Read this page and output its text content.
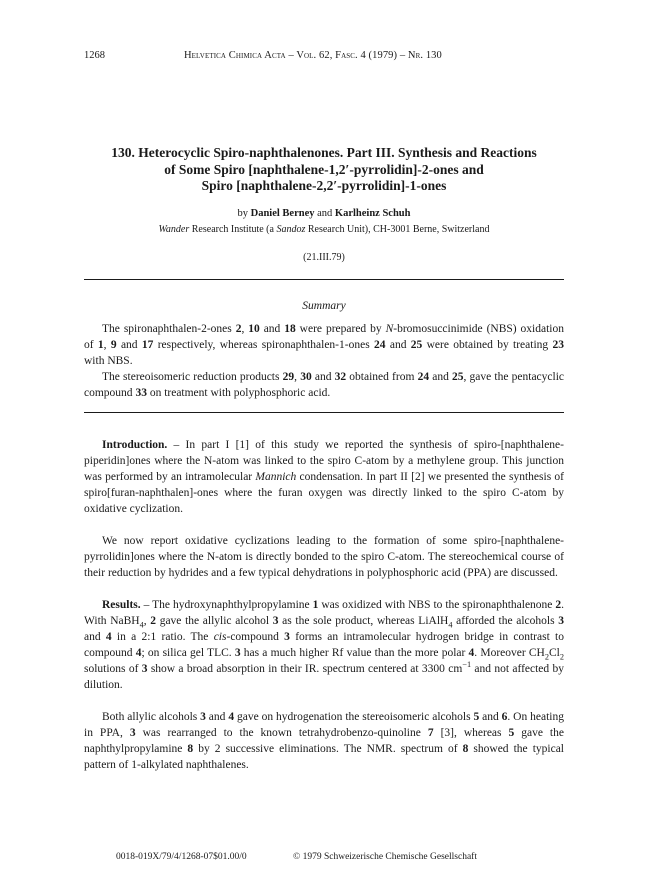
1268	Helvetica Chimica Acta – Vol. 62, Fasc. 4 (1979) – Nr. 130
130. Heterocyclic Spiro-naphthalenones. Part III. Synthesis and Reactions
of Some Spiro [naphthalene-1,2′-pyrrolidin]-2-ones and
Spiro [naphthalene-2,2′-pyrrolidin]-1-ones
by Daniel Berney and Karlheinz Schuh
Wander Research Institute (a Sandoz Research Unit), CH-3001 Berne, Switzerland
(21.III.79)
Summary

The spironaphthalen-2-ones 2, 10 and 18 were prepared by N-bromosuccinimide (NBS) oxidation of 1, 9 and 17 respectively, whereas spironaphthalen-1-ones 24 and 25 were obtained by treating 23 with NBS.

The stereoisomeric reduction products 29, 30 and 32 obtained from 24 and 25, gave the pentacyclic compound 33 on treatment with polyphosphoric acid.

Introduction. – In part I [1] of this study we reported the synthesis of spiro-[naphthalene-piperidin]ones where the N-atom was linked to the spiro C-atom by a methylene group. This junction was performed by an intramolecular Mannich condensation. In part II [2] we presented the synthesis of spiro[furan-naphthalen]-ones where the furan oxygen was directly linked to the spiro C-atom by oxidative cyclization.

We now report oxidative cyclizations leading to the formation of some spiro-[naphthalene-pyrrolidin]ones where the N-atom is directly bonded to the spiro C-atom. The stereochemical course of their reduction by hydrides and a few typical dehydrations in polyphosphoric acid (PPA) are discussed.

Results. – The hydroxynaphthylpropylamine 1 was oxidized with NBS to the spironaphthalenone 2. With NaBH$_4$, 2 gave the allylic alcohol 3 as the sole product, whereas LiAlH$_4$ afforded the alcohols 3 and 4 in a 2:1 ratio. The cis-compound 3 forms an intramolecular hydrogen bridge in contrast to compound 4; on silica gel TLC. 3 has a much higher Rf value than the more polar 4. Moreover $CH_2Cl_2$ solutions of 3 show a broad absorption in their IR. spectrum centered at 3300 $cm^{-1}$ and not affected by dilution.

Both allylic alcohols 3 and 4 gave on hydrogenation the stereoisomeric alcohols 5 and 6. On heating in PPA, 3 was rearranged to the known tetrahydrobenzo-quinoline 7 [3], whereas 5 gave the naphthylpropylamine 8 by 2 successive eliminations. The NMR. spectrum of 8 showed the typical pattern of 1-alkylated naphthalenes.

0018-019X/79/4/1268-07$01.00/0	© 1979 Schweizerische Chemische Gesellschaft
